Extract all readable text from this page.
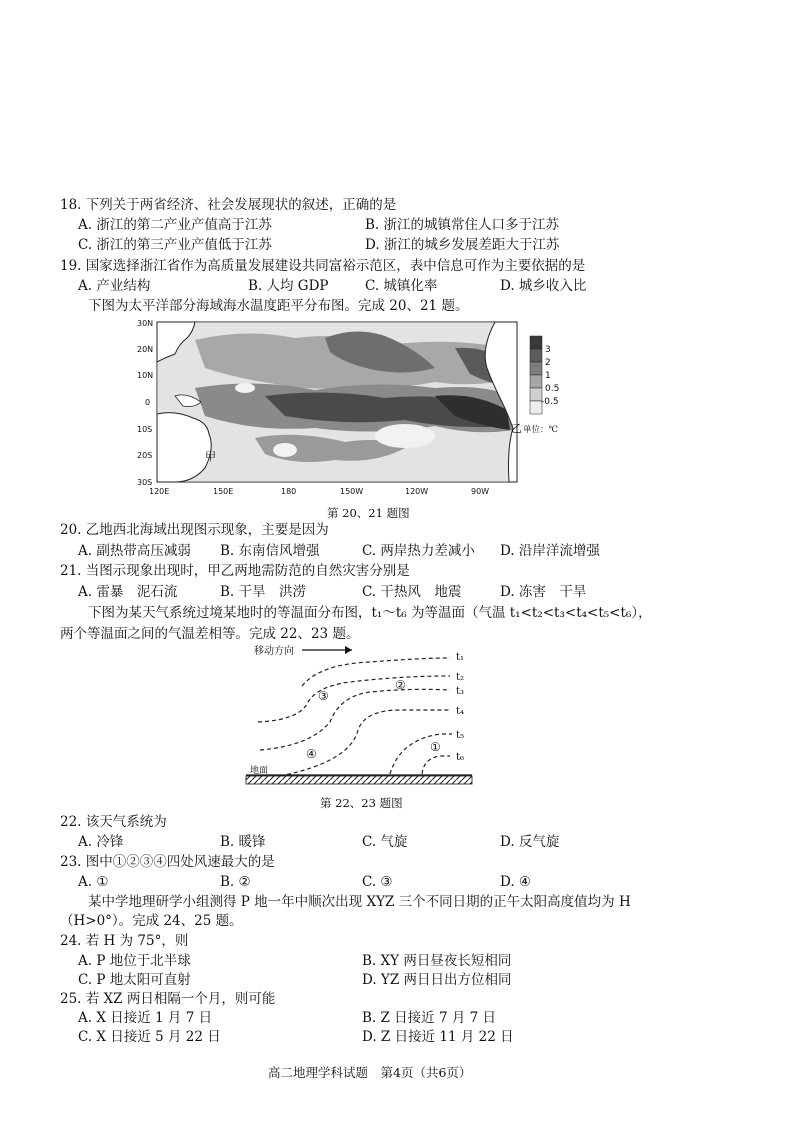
18. 下列关于两省经济、社会发展现状的叙述，正确的是
A. 浙江的第二产业产值高于江苏	B. 浙江的城镇常住人口多于江苏
C. 浙江的第三产业产值低于江苏	D. 浙江的城乡发展差距大于江苏
19. 国家选择浙江省作为高质量发展建设共同富裕示范区，表中信息可作为主要依据的是
A. 产业结构	B. 人均 GDP	C. 城镇化率	D. 城乡收入比
下图为太平洋部分海域海水温度距平分布图。完成 20、21 题。
30N
20N
10N
0
10S
20S
30S
120E	150E	180	150W	120W	90W
甲
乙
3
2
1
0.5
-0.5
单位：℃
第 20、21 题图
20. 乙地西北海域出现图示现象，主要是因为
A. 副热带高压减弱 B. 东南信风增强	C. 两岸热力差减小 D. 沿岸洋流增强
21. 当图示现象出现时，甲乙两地需防范的自然灾害分别是
A. 雷暴　泥石流	B. 干旱　洪涝	C. 干热风　地震	D. 冻害　干旱
下图为某天气系统过境某地时的等温面分布图，t₁～t₆ 为等温面（气温 t₁<t₂<t₃<t₄<t₅<t₆），
两个等温面之间的气温差相等。完成 22、23 题。
移动方向
t₁
t₂
t₃
t₄
t₅
t₆
①
②
③
④
地面
第 22、23 题图
22. 该天气系统为
A. 冷锋	B. 暖锋	C. 气旋	D. 反气旋
23. 图中①②③④四处风速最大的是
A. ①	B. ②	C. ③	D. ④
某中学地理研学小组测得 P 地一年中顺次出现 XYZ 三个不同日期的正午太阳高度值均为 H
（H>0°）。完成 24、25 题。
24. 若 H 为 75°，则
A. P 地位于北半球	B. XY 两日昼夜长短相同
C. P 地太阳可直射	D. YZ 两日日出方位相同
25. 若 XZ 两日相隔一个月，则可能
A. X 日接近 1 月 7 日	B. Z 日接近 7 月 7 日
C. X 日接近 5 月 22 日	D. Z 日接近 11 月 22 日
高二地理学科试题　第4页（共6页）
